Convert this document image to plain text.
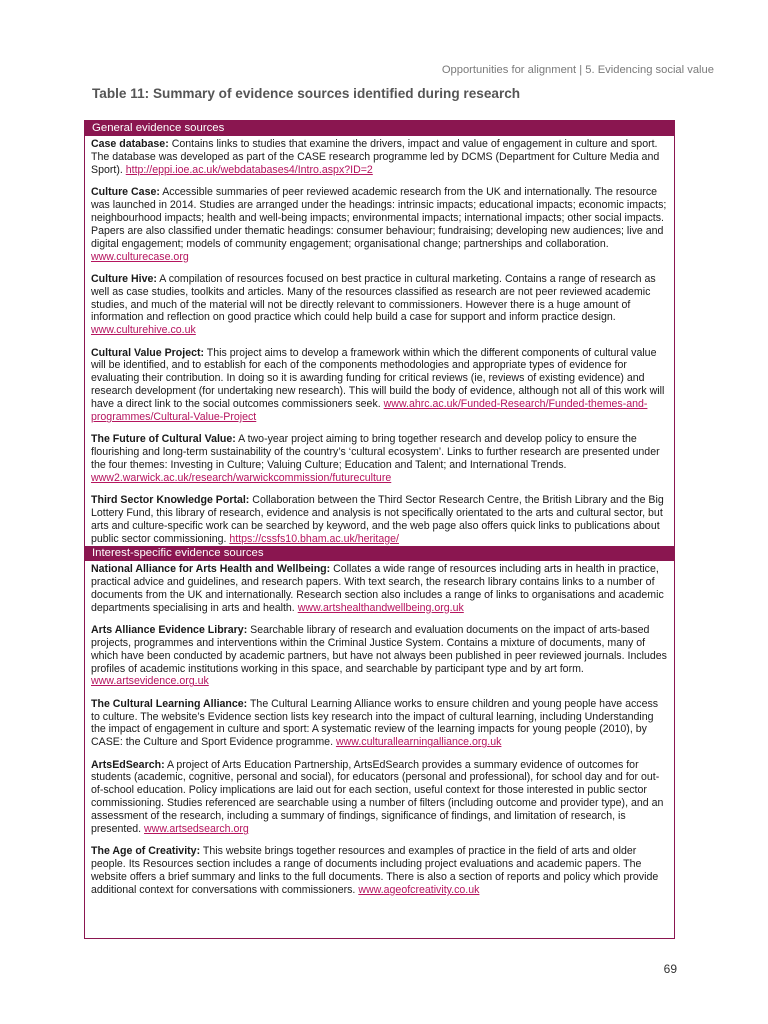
Opportunities for alignment | 5. Evidencing social value
Table 11: Summary of evidence sources identified during research
General evidence sources

Case database: Contains links to studies that examine the drivers, impact and value of engagement in culture and sport. The database was developed as part of the CASE research programme led by DCMS (Department for Culture Media and Sport). http://eppi.ioe.ac.uk/webdatabases4/Intro.aspx?ID=2

Culture Case: Accessible summaries of peer reviewed academic research from the UK and internationally. The resource was launched in 2014. Studies are arranged under the headings: intrinsic impacts; educational impacts; economic impacts; neighbourhood impacts; health and well-being impacts; environmental impacts; international impacts; other social impacts. Papers are also classified under thematic headings: consumer behaviour; fundraising; developing new audiences; live and digital engagement; models of community engagement; organisational change; partnerships and collaboration. www.culturecase.org

Culture Hive: A compilation of resources focused on best practice in cultural marketing. Contains a range of research as well as case studies, toolkits and articles. Many of the resources classified as research are not peer reviewed academic studies, and much of the material will not be directly relevant to commissioners. However there is a huge amount of information and reflection on good practice which could help build a case for support and inform practice design. www.culturehive.co.uk

Cultural Value Project: This project aims to develop a framework within which the different components of cultural value will be identified, and to establish for each of the components methodologies and appropriate types of evidence for evaluating their contribution. In doing so it is awarding funding for critical reviews (ie, reviews of existing evidence) and research development (for undertaking new research). This will build the body of evidence, although not all of this work will have a direct link to the social outcomes commissioners seek. www.ahrc.ac.uk/Funded-Research/Funded-themes-and-programmes/Cultural-Value-Project

The Future of Cultural Value: A two-year project aiming to bring together research and develop policy to ensure the flourishing and long-term sustainability of the country’s ‘cultural ecosystem’. Links to further research are presented under the four themes: Investing in Culture; Valuing Culture; Education and Talent; and International Trends. www2.warwick.ac.uk/research/warwickcommission/futureculture

Third Sector Knowledge Portal: Collaboration between the Third Sector Research Centre, the British Library and the Big Lottery Fund, this library of research, evidence and analysis is not specifically orientated to the arts and cultural sector, but arts and culture-specific work can be searched by keyword, and the web page also offers quick links to publications about public sector commissioning. https://cssfs10.bham.ac.uk/heritage/

Interest-specific evidence sources

National Alliance for Arts Health and Wellbeing: Collates a wide range of resources including arts in health in practice, practical advice and guidelines, and research papers. With text search, the research library contains links to a number of documents from the UK and internationally. Research section also includes a range of links to organisations and academic departments specialising in arts and health. www.artshealthandwellbeing.org.uk

Arts Alliance Evidence Library: Searchable library of research and evaluation documents on the impact of arts-based projects, programmes and interventions within the Criminal Justice System. Contains a mixture of documents, many of which have been conducted by academic partners, but have not always been published in peer reviewed journals. Includes profiles of academic institutions working in this space, and searchable by participant type and by art form. www.artsevidence.org.uk

The Cultural Learning Alliance: The Cultural Learning Alliance works to ensure children and young people have access to culture. The website’s Evidence section lists key research into the impact of cultural learning, including Understanding the impact of engagement in culture and sport: A systematic review of the learning impacts for young people (2010), by CASE: the Culture and Sport Evidence programme. www.culturallearningalliance.org.uk

ArtsEdSearch: A project of Arts Education Partnership, ArtsEdSearch provides a summary evidence of outcomes for students (academic, cognitive, personal and social), for educators (personal and professional), for school day and for out-of-school education. Policy implications are laid out for each section, useful context for those interested in public sector commissioning. Studies referenced are searchable using a number of filters (including outcome and provider type), and an assessment of the research, including a summary of findings, significance of findings, and limitation of research, is presented. www.artsedsearch.org

The Age of Creativity: This website brings together resources and examples of practice in the field of arts and older people. Its Resources section includes a range of documents including project evaluations and academic papers. The website offers a brief summary and links to the full documents. There is also a section of reports and policy which provide additional context for conversations with commissioners. www.ageofcreativity.co.uk

69
